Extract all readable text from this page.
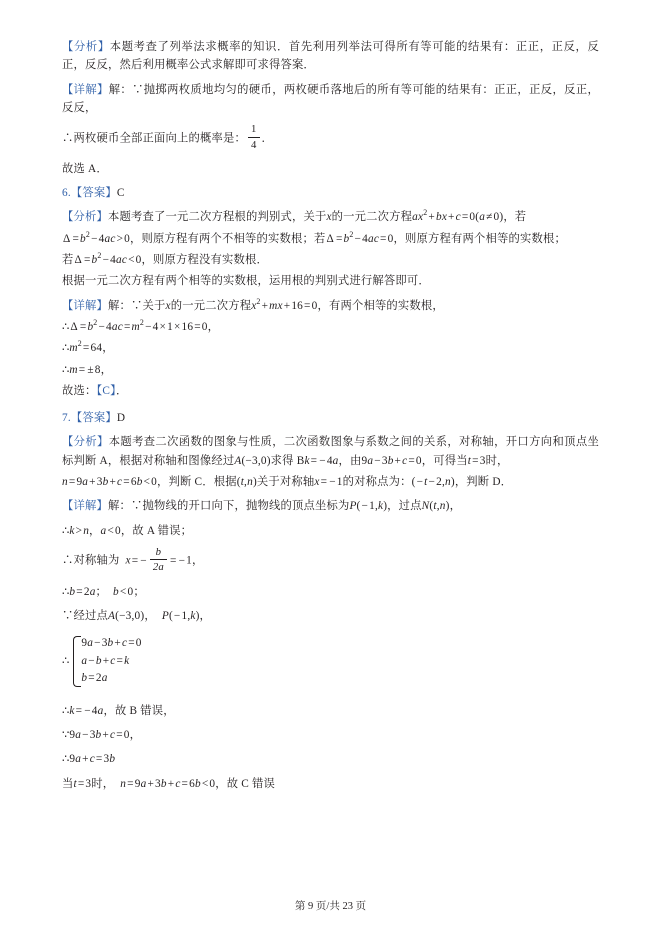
【分析】本题考查了列举法求概率的知识．首先利用列举法可得所有等可能的结果有：正正，正反，反正，反反，然后利用概率公式求解即可求得答案．

【详解】解：∵抛掷两枚质地均匀的硬币，两枚硬币落地后的所有等可能的结果有：正正，正反，反正，反反，

∴两枚硬币全部正面向上的概率是： $\frac{1}{4}$ ．

故选 A．

6.【答案】C

【分析】本题考查了一元二次方程根的判别式，关于x的一元二次方程$ax^2+bx+c=0(a\ne 0)$，若

$\Delta =b^2-4ac>0$，则原方程有两个不相等的实数根；若$\Delta =b^2-4ac=0$，则原方程有两个相等的实数根；

若$\Delta =b^2-4ac<0$，则原方程没有实数根．

根据一元二次方程有两个相等的实数根，运用根的判别式进行解答即可．

【详解】解：∵关于x的一元二次方程$x^2+mx+16=0$，有两个相等的实数根，

∴Δ $=b^2-4ac=m^2-4\times 1\times 16=0$，

$\therefore m^2=64$，

∴m= ±8，

故选：【C】．

7.【答案】D

【分析】本题考查二次函数的图象与性质，二次函数图象与系数之间的关系，对称轴，开口方向和顶点坐标判断 A，根据对称轴和图像经过A(−3,0)求得 Bk= −4a，由9a−3b+c=0，可得当t=3时，

n=9a+3b+c=6b<0，判断 C．根据(t,n)关于对称轴x= −1的对称点为：(−t−2,n)，判断 D．

【详解】解：∵抛物线的开口向下，抛物线的顶点坐标为P(−1,k)，过点N(t,n)，

∴k>n，a<0，故 A 错误；

∴对称轴为 $x= - \frac{b}{2a} = -1$，

∴b=2a； b<0；

∵经过点A(−3,0)， P(−1,k)，

∴
9a−3b+c=0
a−b+c=k
b=2a

∴k= −4a，故 B 错误，

∵9a−3b+c=0，

∴9a+c=3b

当t=3时， n=9a+3b+c=6b<0，故 C 错误

第 9 页/共 23 页
